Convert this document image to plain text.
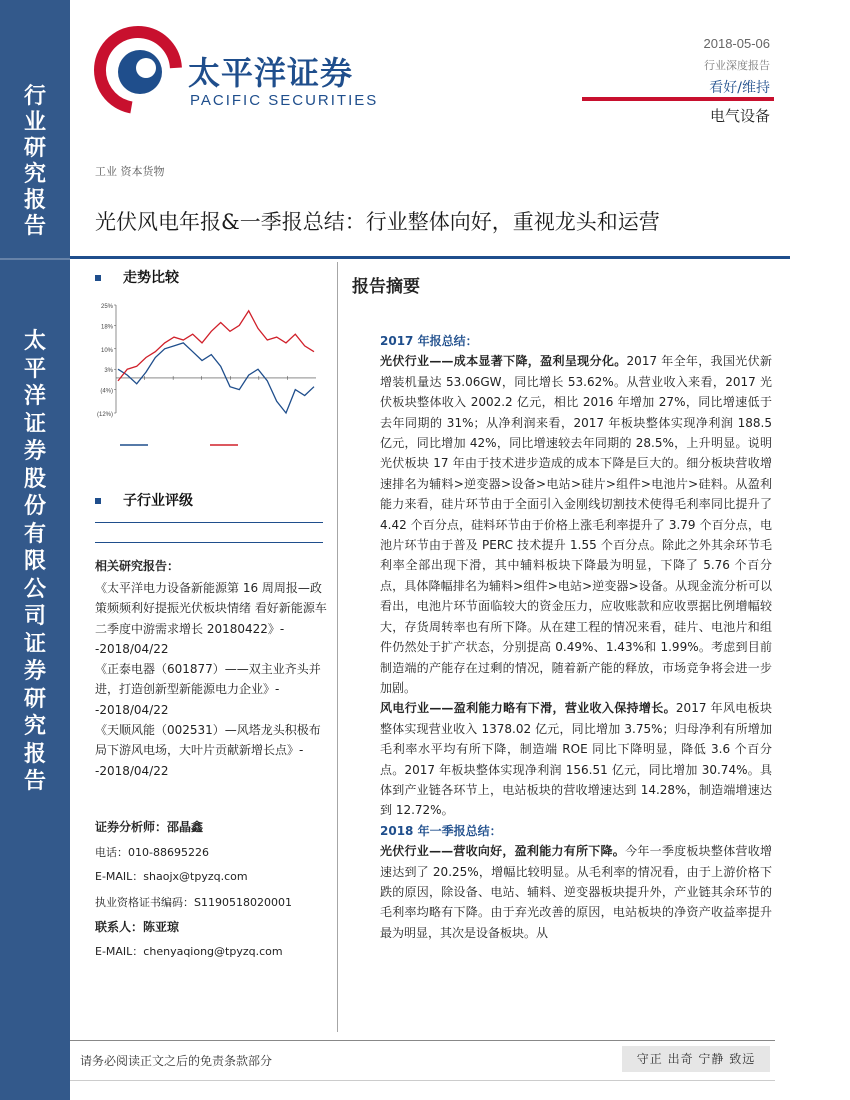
行
业
研
究
报
告
太
平
洋
证
券
股
份
有
限
公
司
证
券
研
究
报
告
太平洋证券
PACIFIC SECURITIES
2018-05-06
行业深度报告
看好/维持
电气设备
工业 资本货物
光伏风电年报&一季报总结：行业整体向好，重视龙头和运营
走势比较
25%
18%
10%
3%
(4%)
(12%)
子行业评级
相关研究报告：

《太平洋电力设备新能源第 16 周周报—政策频频利好提振光伏板块情绪 看好新能源车二季度中游需求增长 20180422》--2018/04/22

《正泰电器（601877）——双主业齐头并进，打造创新型新能源电力企业》--2018/04/22

《天顺风能（002531）—风塔龙头积极布局下游风电场，大叶片贡献新增长点》--2018/04/22

证券分析师：邵晶鑫
电话：010-88695226
E-MAIL：shaojx@tpyzq.com
执业资格证书编码：S1190518020001
联系人：陈亚琼
E-MAIL：chenyaqiong@tpyzq.com
报告摘要

2017 年报总结：

光伏行业——成本显著下降，盈利呈现分化。2017 年全年，我国光伏新增装机量达 53.06GW，同比增长 53.62%。从营业收入来看，2017 光伏板块整体收入 2002.2 亿元，相比 2016 年增加 27%，同比增速低于去年同期的 31%；从净利润来看，2017 年板块整体实现净利润 188.5 亿元，同比增加 42%，同比增速较去年同期的 28.5%，上升明显。说明光伏板块 17 年由于技术进步造成的成本下降是巨大的。细分板块营收增速排名为辅料>逆变器>设备>电站>硅片>组件>电池片>硅料。从盈利能力来看，硅片环节由于全面引入金刚线切割技术使得毛利率同比提升了 4.42 个百分点，硅料环节由于价格上涨毛利率提升了 3.79 个百分点，电池片环节由于普及 PERC 技术提升 1.55 个百分点。除此之外其余环节毛利率全部出现下滑，其中辅料板块下降最为明显，下降了 5.76 个百分点，具体降幅排名为辅料>组件>电站>逆变器>设备。从现金流分析可以看出，电池片环节面临较大的资金压力，应收账款和应收票据比例增幅较大，存货周转率也有所下降。从在建工程的情况来看，硅片、电池片和组件仍然处于扩产状态，分别提高 0.49%、1.43%和 1.99%。考虑到目前制造端的产能存在过剩的情况，随着新产能的释放，市场竞争将会进一步加剧。

风电行业——盈利能力略有下滑，营业收入保持增长。2017 年风电板块整体实现营业收入 1378.02 亿元，同比增加 3.75%；归母净利有所增加毛利率水平均有所下降，制造端 ROE 同比下降明显，降低 3.6 个百分点。2017 年板块整体实现净利润 156.51 亿元，同比增加 30.74%。具体到产业链各环节上，电站板块的营收增速达到 14.28%，制造端增速达到 12.72%。

2018 年一季报总结：

光伏行业——营收向好，盈利能力有所下降。今年一季度板块整体营收增速达到了 20.25%，增幅比较明显。从毛利率的情况看，由于上游价格下跌的原因，除设备、电站、辅料、逆变器板块提升外，产业链其余环节的毛利率均略有下降。由于弃光改善的原因，电站板块的净资产收益率提升最为明显，其次是设备板块。从

请务必阅读正文之后的免责条款部分	守正 出奇 宁静 致远
